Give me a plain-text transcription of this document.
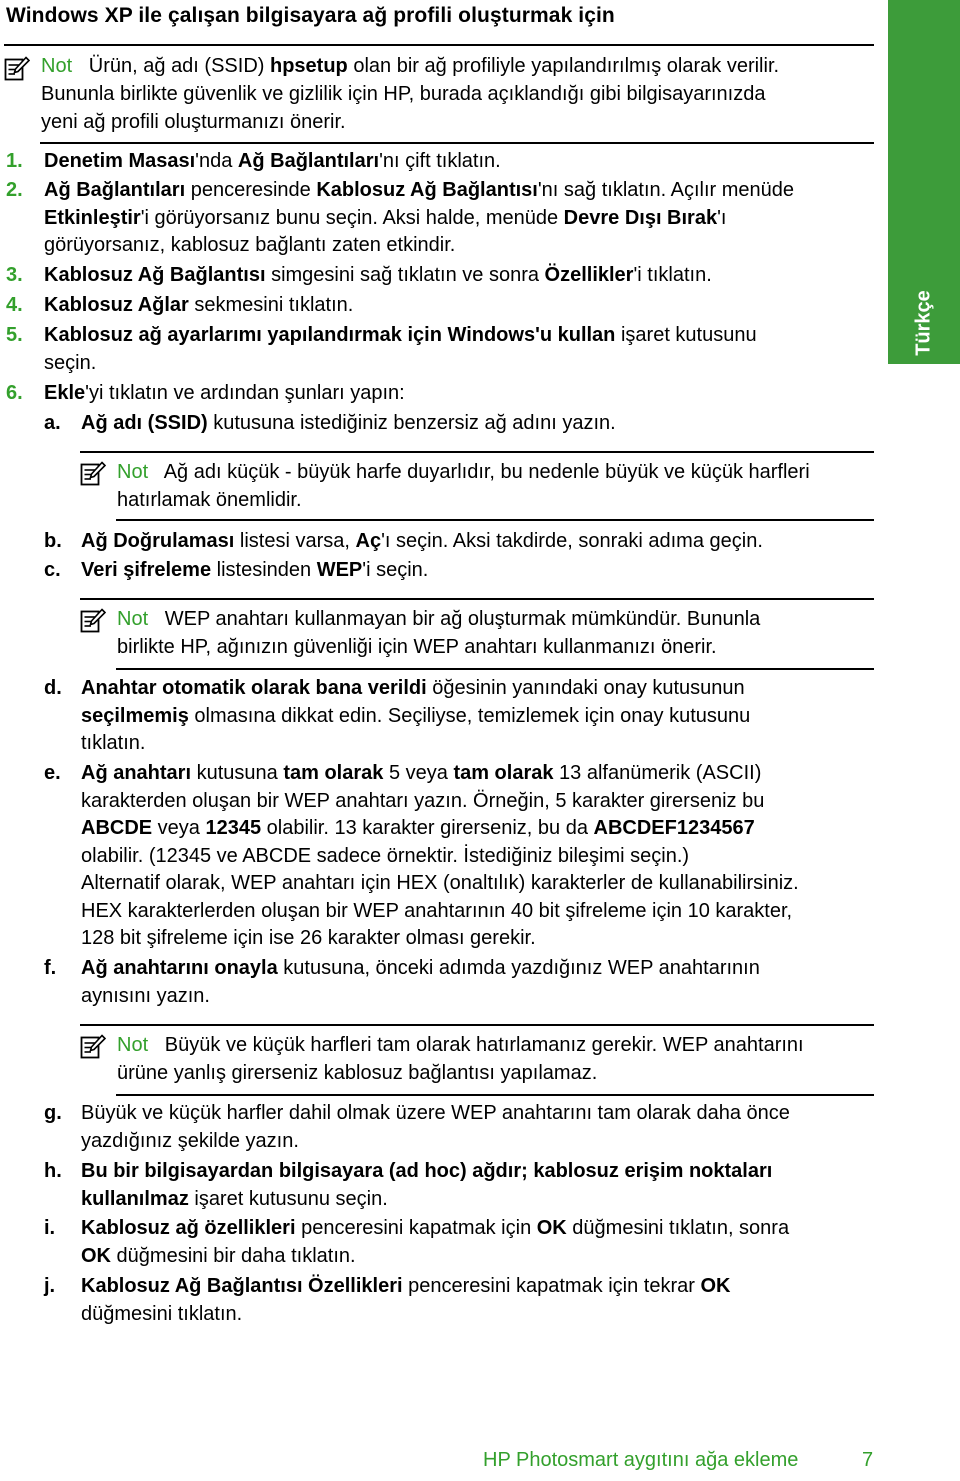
Windows XP ile çalışan bilgisayara ağ profili oluşturmak için
Türkçe
Not Ürün, ağ adı (SSID) hpsetup olan bir ağ profiliyle yapılandırılmış olarak verilir.
Bununla birlikte güvenlik ve gizlilik için HP, burada açıklandığı gibi bilgisayarınızda
yeni ağ profili oluşturmanızı önerir.
1. Denetim Masası'nda Ağ Bağlantıları'nı çift tıklatın.
2. Ağ Bağlantıları penceresinde Kablosuz Ağ Bağlantısı'nı sağ tıklatın. Açılır menüde
Etkinleştir'i görüyorsanız bunu seçin. Aksi halde, menüde Devre Dışı Bırak'ı
görüyorsanız, kablosuz bağlantı zaten etkindir.
3. Kablosuz Ağ Bağlantısı simgesini sağ tıklatın ve sonra Özellikler'i tıklatın.
4. Kablosuz Ağlar sekmesini tıklatın.
5. Kablosuz ağ ayarlarımı yapılandırmak için Windows'u kullan işaret kutusunu
seçin.
6. Ekle'yi tıklatın ve ardından şunları yapın:
a. Ağ adı (SSID) kutusuna istediğiniz benzersiz ağ adını yazın.
Not Ağ adı küçük - büyük harfe duyarlıdır, bu nedenle büyük ve küçük harfleri
hatırlamak önemlidir.
b. Ağ Doğrulaması listesi varsa, Aç'ı seçin. Aksi takdirde, sonraki adıma geçin.
c. Veri şifreleme listesinden WEP'i seçin.
Not WEP anahtarı kullanmayan bir ağ oluşturmak mümkündür. Bununla
birlikte HP, ağınızın güvenliği için WEP anahtarı kullanmanızı önerir.
d. Anahtar otomatik olarak bana verildi öğesinin yanındaki onay kutusunun
seçilmemiş olmasına dikkat edin. Seçiliyse, temizlemek için onay kutusunu
tıklatın.
e. Ağ anahtarı kutusuna tam olarak 5 veya tam olarak 13 alfanümerik (ASCII)
karakterden oluşan bir WEP anahtarı yazın. Örneğin, 5 karakter girerseniz bu
ABCDE veya 12345 olabilir. 13 karakter girerseniz, bu da ABCDEF1234567
olabilir. (12345 ve ABCDE sadece örnektir. İstediğiniz bileşimi seçin.)
Alternatif olarak, WEP anahtarı için HEX (onaltılık) karakterler de kullanabilirsiniz.
HEX karakterlerden oluşan bir WEP anahtarının 40 bit şifreleme için 10 karakter,
128 bit şifreleme için ise 26 karakter olması gerekir.
f. Ağ anahtarını onayla kutusuna, önceki adımda yazdığınız WEP anahtarının
aynısını yazın.
Not Büyük ve küçük harfleri tam olarak hatırlamanız gerekir. WEP anahtarını
ürüne yanlış girerseniz kablosuz bağlantısı yapılamaz.
g. Büyük ve küçük harfler dahil olmak üzere WEP anahtarını tam olarak daha önce
yazdığınız şekilde yazın.
h. Bu bir bilgisayardan bilgisayara (ad hoc) ağdır; kablosuz erişim noktaları
kullanılmaz işaret kutusunu seçin.
i. Kablosuz ağ özellikleri penceresini kapatmak için OK düğmesini tıklatın, sonra
OK düğmesini bir daha tıklatın.
j. Kablosuz Ağ Bağlantısı Özellikleri penceresini kapatmak için tekrar OK
düğmesini tıklatın.
HP Photosmart aygıtını ağa ekleme	7
